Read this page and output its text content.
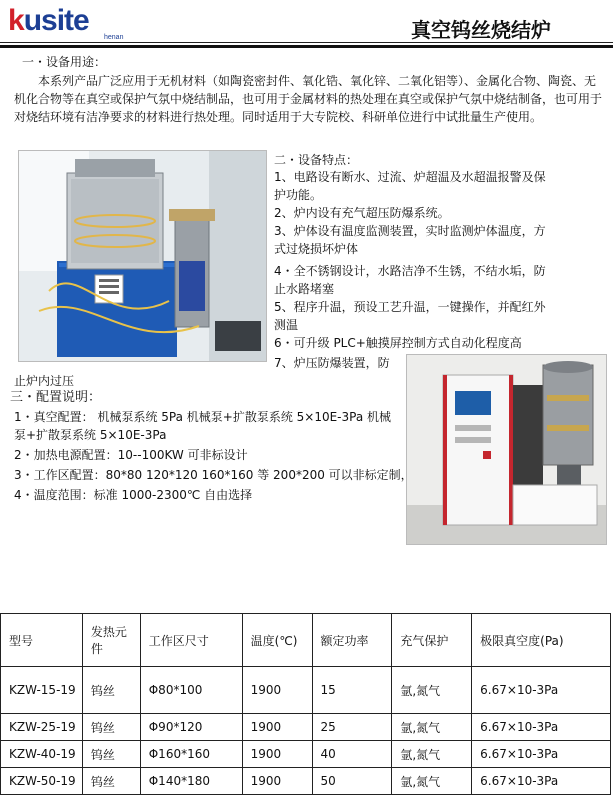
kusite
henan	真空钨丝烧结炉
一・设备用途：
本系列产品广泛应用于无机材料（如陶瓷密封件、氧化锆、氧化锌、二氧化铝等）、金属化合物、陶瓷、无机化合物等在真空或保护气氛中烧结制品，也可用于金属材料的热处理在真空或保护气氛中烧结制备，也可用于对烧结环境有洁净要求的材料进行热处理。同时适用于大专院校、科研单位进行中试批量生产使用。
二・设备特点：
1、电路设有断水、过流、炉超温及水超温报警及保
护功能。
2、炉内设有充气超压防爆系统。
3、炉体设有温度监测装置，实时监测炉体温度，方
式过烧损坏炉体
4・全不锈钢设计，水路洁净不生锈，不结水垢，防
止水路堵塞
5、程序升温，预设工艺升温，一键操作，并配红外
测温
6・可升级 PLC+触摸屏控制方式自动化程度高
7、炉压防爆装置，防
止炉内过压
三・配置说明：
1・真空配置： 机械泵系统 5Pa 机械泵+扩散泵系统 5×10E-3Pa 机械
泵+扩散泵系统 5×10E-3Pa
2・加热电源配置：10--100KW 可非标设计
3・工作区配置：80*80 120*120 160*160 等 200*200 可以非标定制，
4・温度范围：标准 1000-2300℃ 自由选择
型号	发热元件	工作区尺寸	温度(℃)	额定功率	充气保护	极限真空度(Pa)
KZW-15-19	钨丝	Φ80*100	1900	15	氩,氮气	6.67×10-3Pa
KZW-25-19	钨丝	Φ90*120	1900	25	氩,氮气	6.67×10-3Pa
KZW-40-19	钨丝	Φ160*160	1900	40	氩,氮气	6.67×10-3Pa
KZW-50-19	钨丝	Φ140*180	1900	50	氩,氮气	6.67×10-3Pa
